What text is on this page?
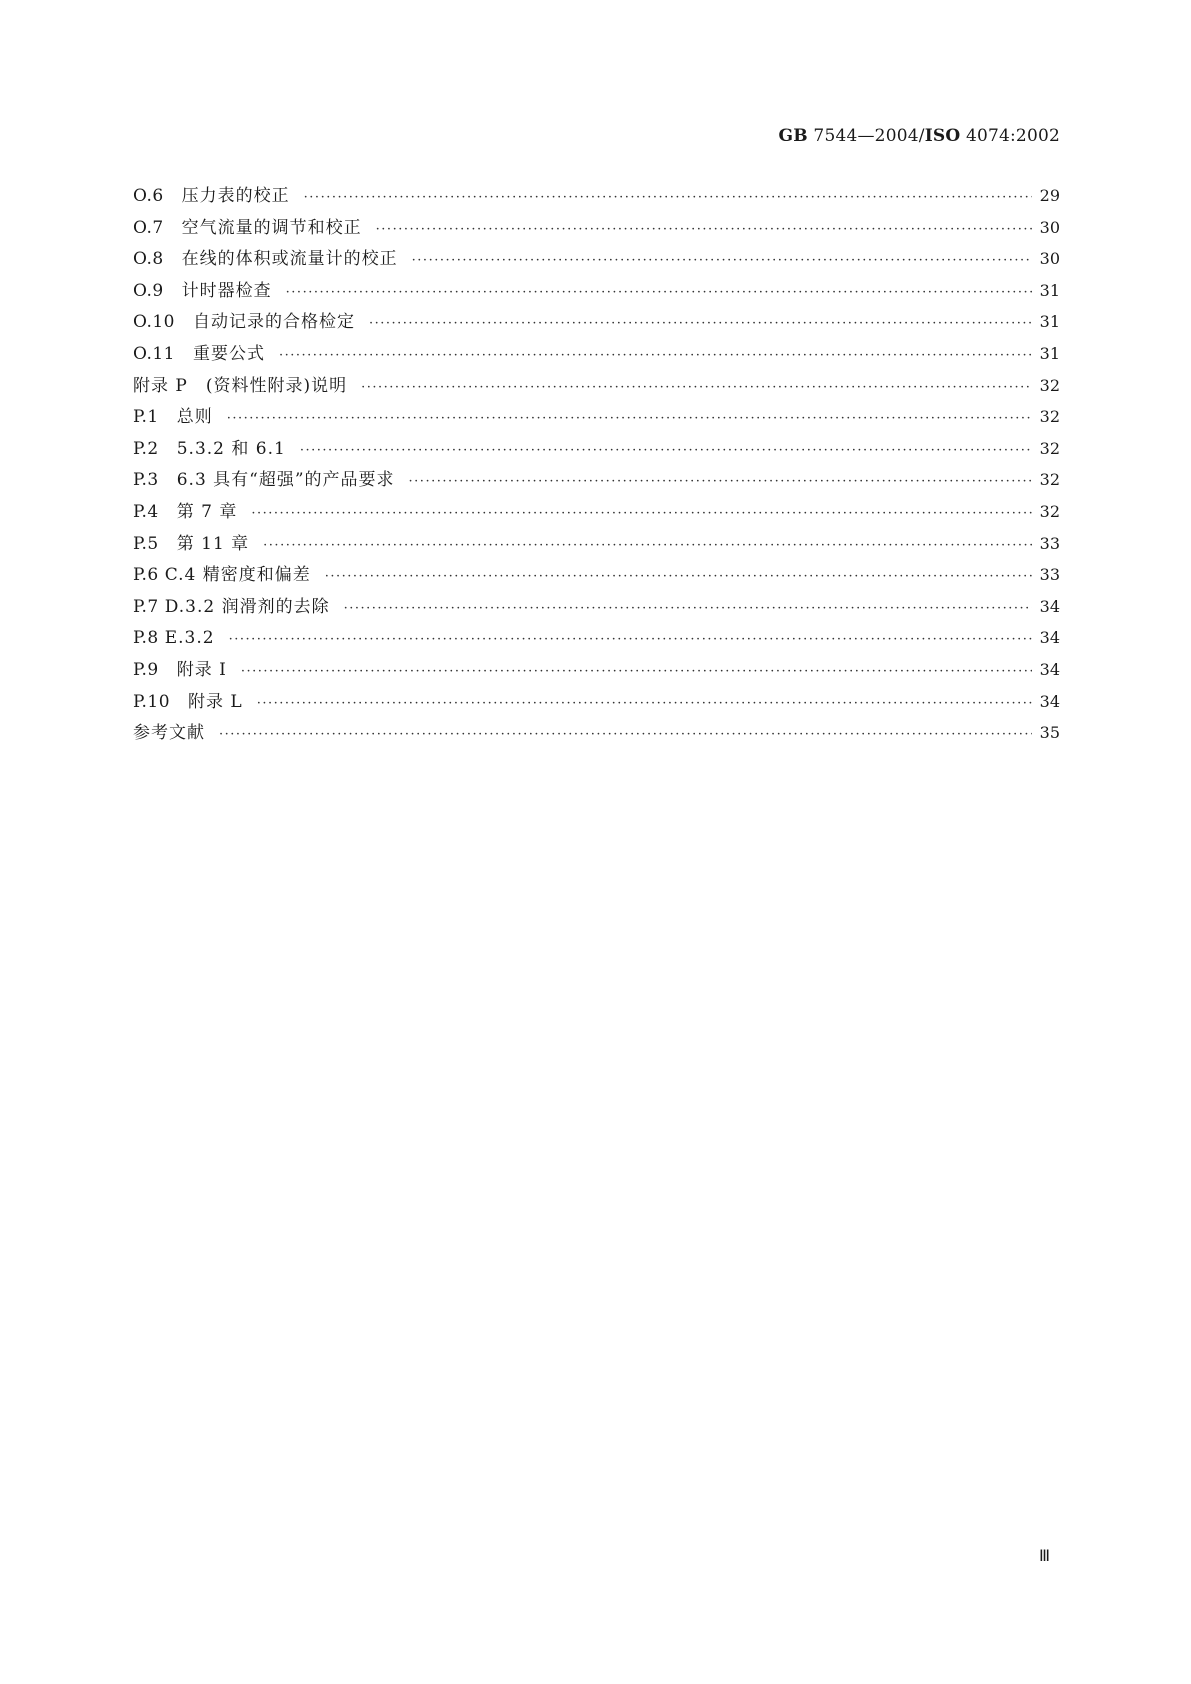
GB 7544—2004/ISO 4074:2002
O.6 压力表的校正 ·····	29
O.7 空气流量的调节和校正 ·····	30
O.8 在线的体积或流量计的校正 ·····	30
O.9 计时器检查 ·····	31
O.10 自动记录的合格检定 ·····	31
O.11 重要公式 ·····	31
附录 P　(资料性附录)说明 ·····	32
P.1 总则 ·····	32
P.2 5.3.2 和 6.1 ·····	32
P.3 6.3 具有“超强”的产品要求 ·····	32
P.4 第 7 章 ·····	32
P.5 第 11 章 ·····	33
P.6 C.4 精密度和偏差 ·····	33
P.7 D.3.2 润滑剂的去除 ·····	34
P.8 E.3.2 ·····	34
P.9 附录 I ·····	34
P.10 附录 L ·····	34
参考文献 ·····	35
Ⅲ
